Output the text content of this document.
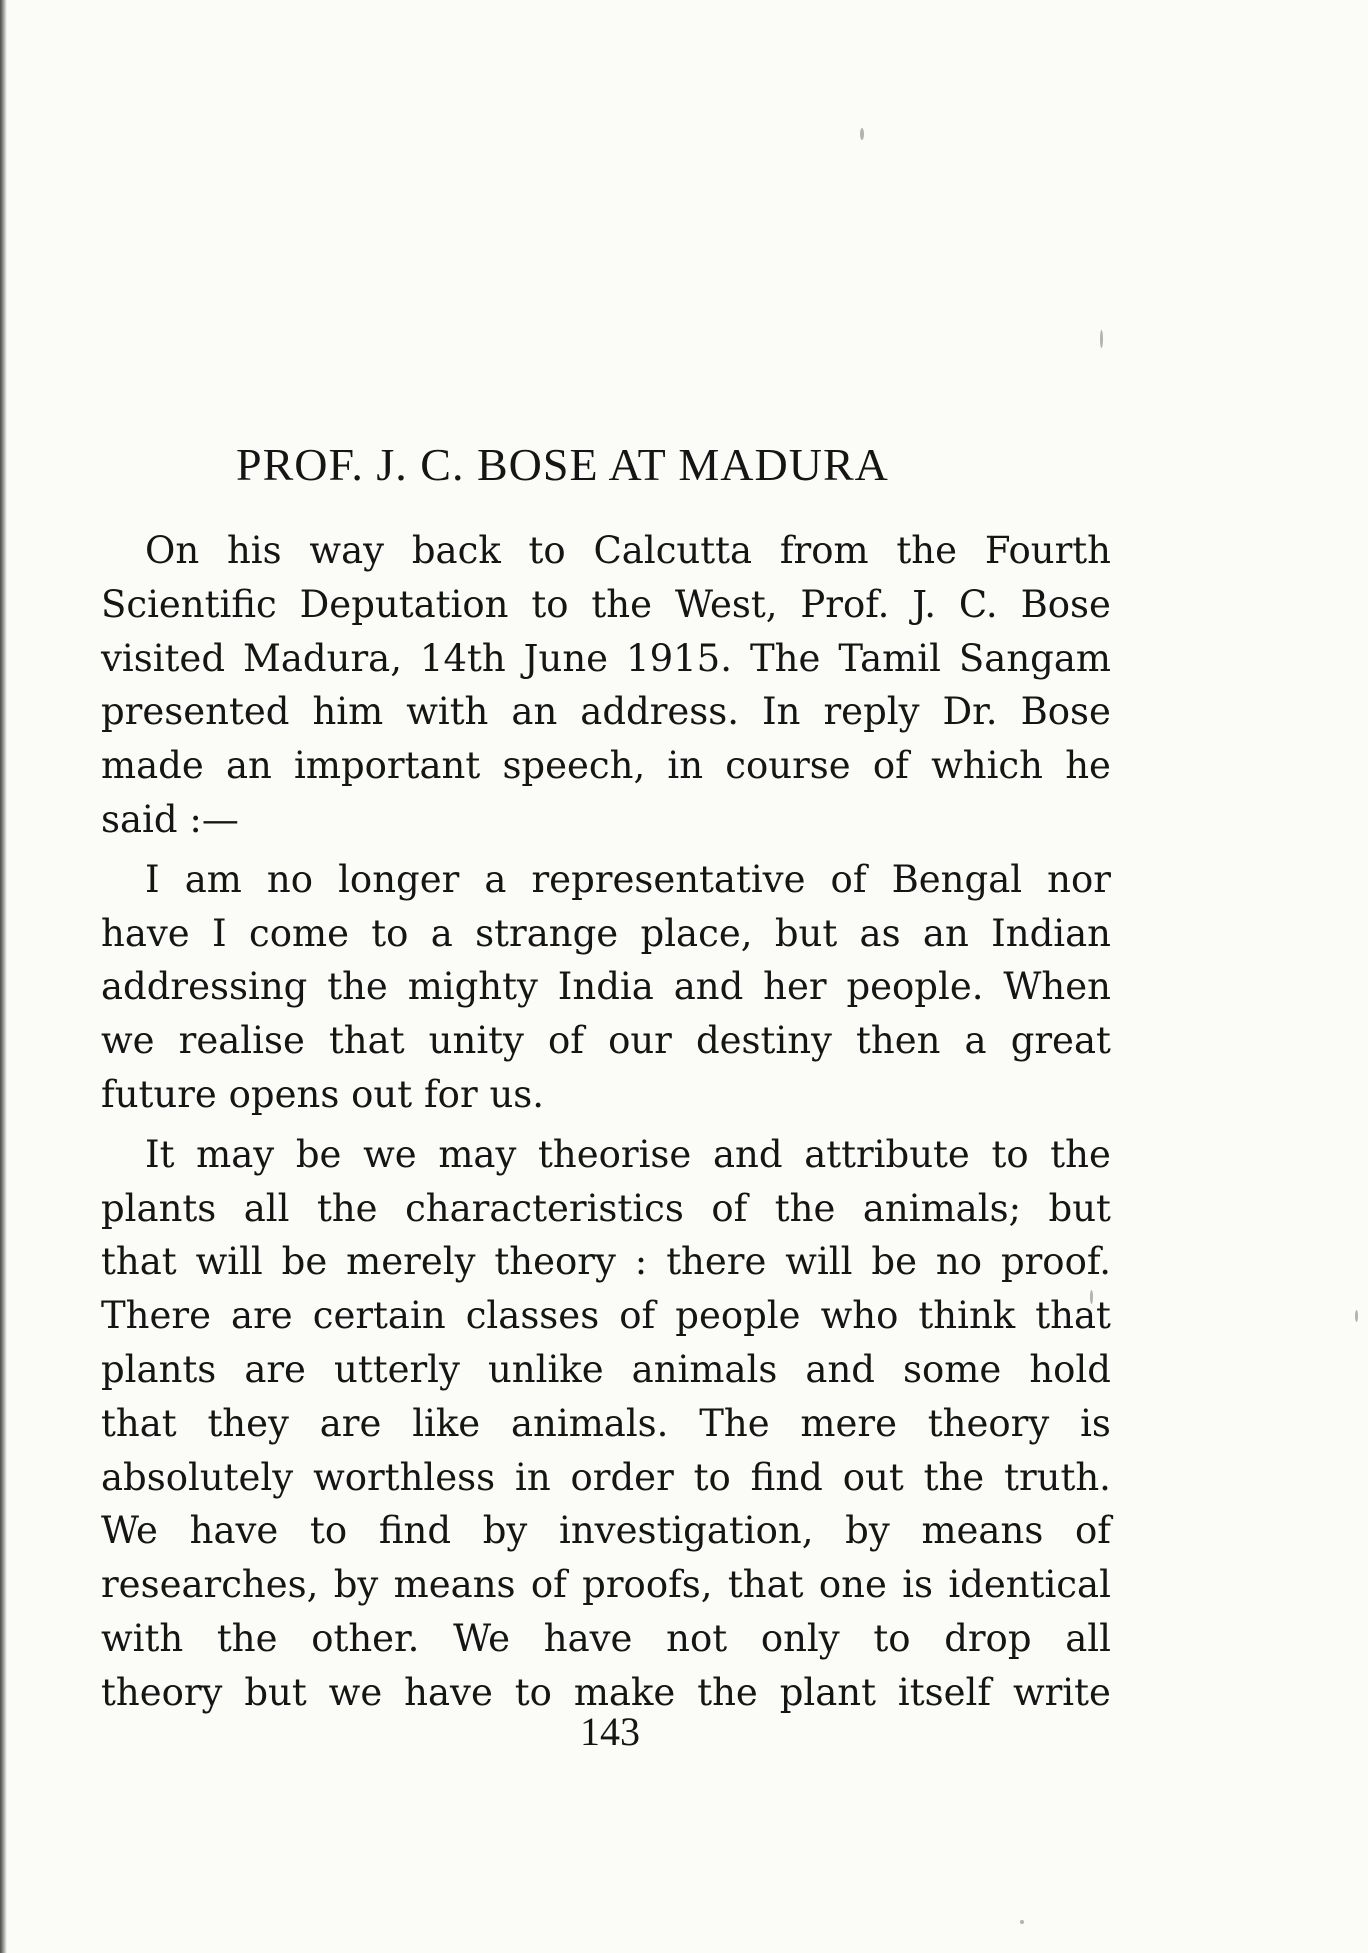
PROF. J. C. BOSE AT MADURA
On his way back to Calcutta from the Fourth
Scientific Deputation to the West, Prof. J. C. Bose
visited Madura, 14th June 1915. The Tamil Sangam
presented him with an address. In reply Dr. Bose
made an important speech, in course of which he
said :—
I am no longer a representative of Bengal nor
have I come to a strange place, but as an Indian
addressing the mighty India and her people. When
we realise that unity of our destiny then a great
future opens out for us.
It may be we may theorise and attribute to the
plants all the characteristics of the animals; but
that will be merely theory : there will be no proof.
There are certain classes of people who think that
plants are utterly unlike animals and some hold
that they are like animals. The mere theory is
absolutely worthless in order to find out the truth.
We have to find by investigation, by means of
researches, by means of proofs, that one is identical
with the other. We have not only to drop all
theory but we have to make the plant itself write
143
